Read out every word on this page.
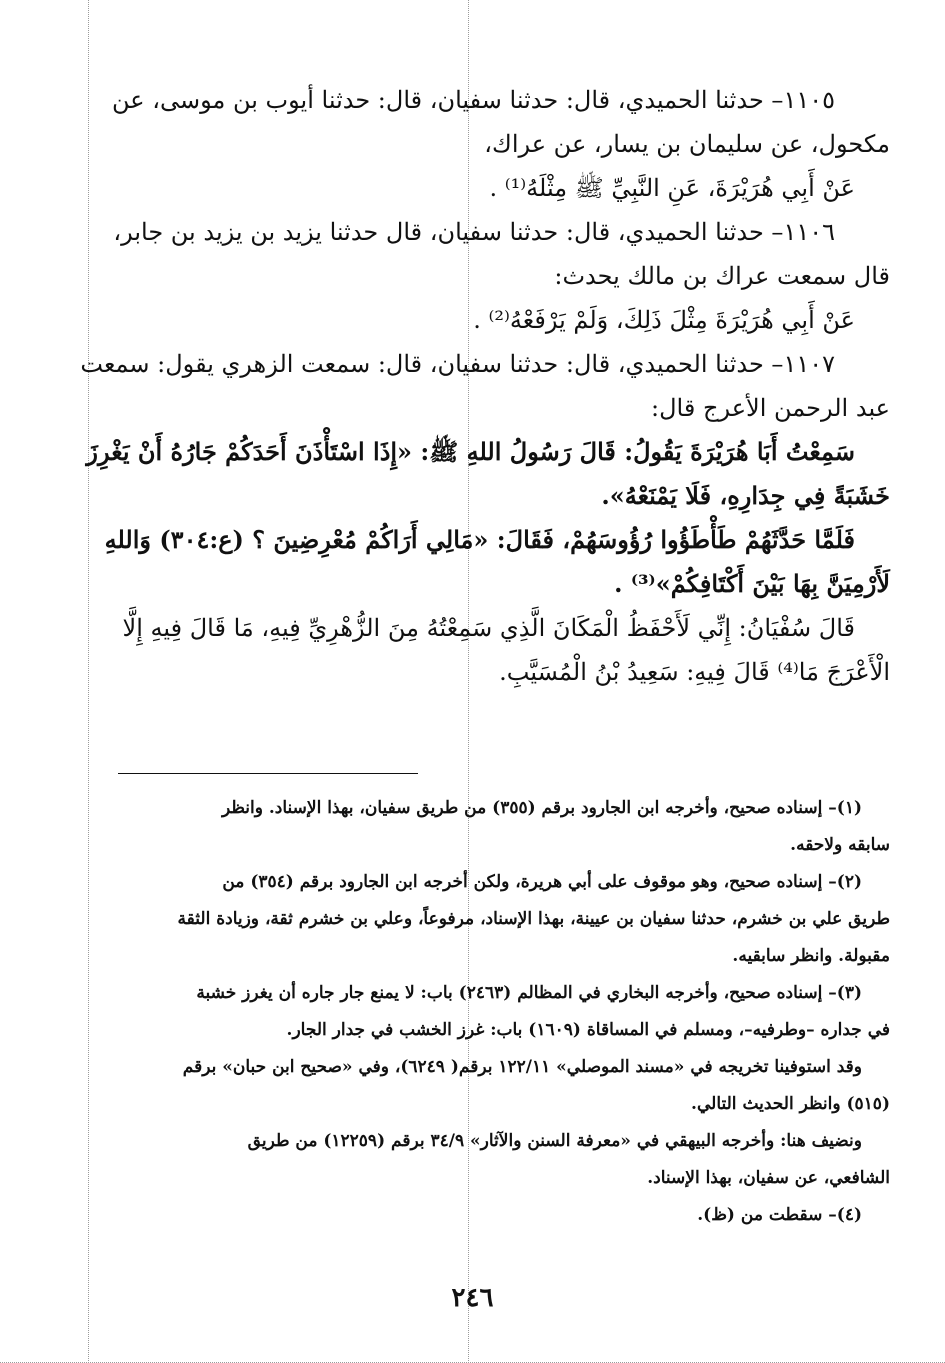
١١٠٥– حدثنا الحميدي، قال: حدثنا سفيان، قال: حدثنا أيوب بن موسى، عن
مكحول، عن سليمان بن يسار، عن عراك،
عَنْ أَبِي هُرَيْرَةَ، عَنِ النَّبِيِّ ﷺ مِثْلَهُ⁽¹⁾ .
١١٠٦– حدثنا الحميدي، قال: حدثنا سفيان، قال حدثنا يزيد بن يزيد بن جابر،
قال سمعت عراك بن مالك يحدث:
عَنْ أَبِي هُرَيْرَةَ مِثْلَ ذَلِكَ، وَلَمْ يَرْفَعْهُ⁽²⁾ .
١١٠٧– حدثنا الحميدي، قال: حدثنا سفيان، قال: سمعت الزهري يقول: سمعت
عبد الرحمن الأعرج قال:
سَمِعْتُ أَبَا هُرَيْرَةَ يَقُولُ: قَالَ رَسُولُ اللهِ ﷺ: «إِذَا اسْتَأْذَنَ أَحَدَكُمْ جَارُهُ أَنْ يَغْرِزَ
خَشَبَةً فِي جِدَارِهِ، فَلَا يَمْنَعْهُ».
فَلَمَّا حَدَّثَهُمْ طَأْطَؤُوا رُؤُوسَهُمْ، فَقَالَ: «مَالِي أَرَاكُمْ مُعْرِضِينَ ؟ (ع:٣٠٤) وَاللهِ
لَأَرْمِيَنَّ بِهَا بَيْنَ أَكْتَافِكُمْ»⁽³⁾ .
قَالَ سُفْيَانُ: إِنِّي لَأَحْفَظُ الْمَكَانَ الَّذِي سَمِعْتُهُ مِنَ الزُّهْرِيِّ فِيهِ، مَا قَالَ فِيهِ إِلَّا
الْأَعْرَجَ مَا⁽⁴⁾ قَالَ فِيهِ: سَعِيدُ بْنُ الْمُسَيَّبِ.
(١)– إسناده صحيح، وأخرجه ابن الجارود برقم (٣٥٥) من طريق سفيان، بهذا الإسناد. وانظر
سابقه ولاحقه.
(٢)– إسناده صحيح، وهو موقوف على أبي هريرة، ولكن أخرجه ابن الجارود برقم (٣٥٤) من
طريق علي بن خشرم، حدثنا سفيان بن عيينة، بهذا الإسناد، مرفوعاً، وعلي بن خشرم ثقة، وزيادة الثقة
مقبولة. وانظر سابقيه.
(٣)– إسناده صحيح، وأخرجه البخاري في المظالم (٢٤٦٣) باب: لا يمنع جار جاره أن يغرز خشبة
في جداره –وطرفيه–، ومسلم في المساقاة (١٦٠٩) باب: غرز الخشب في جدار الجار.
وقد استوفينا تخريجه في «مسند الموصلي» ١٢٢/١١ برقم( ٦٢٤٩)، وفي «صحيح ابن حبان» برقم
(٥١٥) وانظر الحديث التالي.
ونضيف هنا: وأخرجه البيهقي في «معرفة السنن والآثار» ٣٤/٩ برقم (١٢٢٥٩) من طريق
الشافعي، عن سفيان، بهذا الإسناد.
(٤)– سقطت من (ظ).
٢٤٦
